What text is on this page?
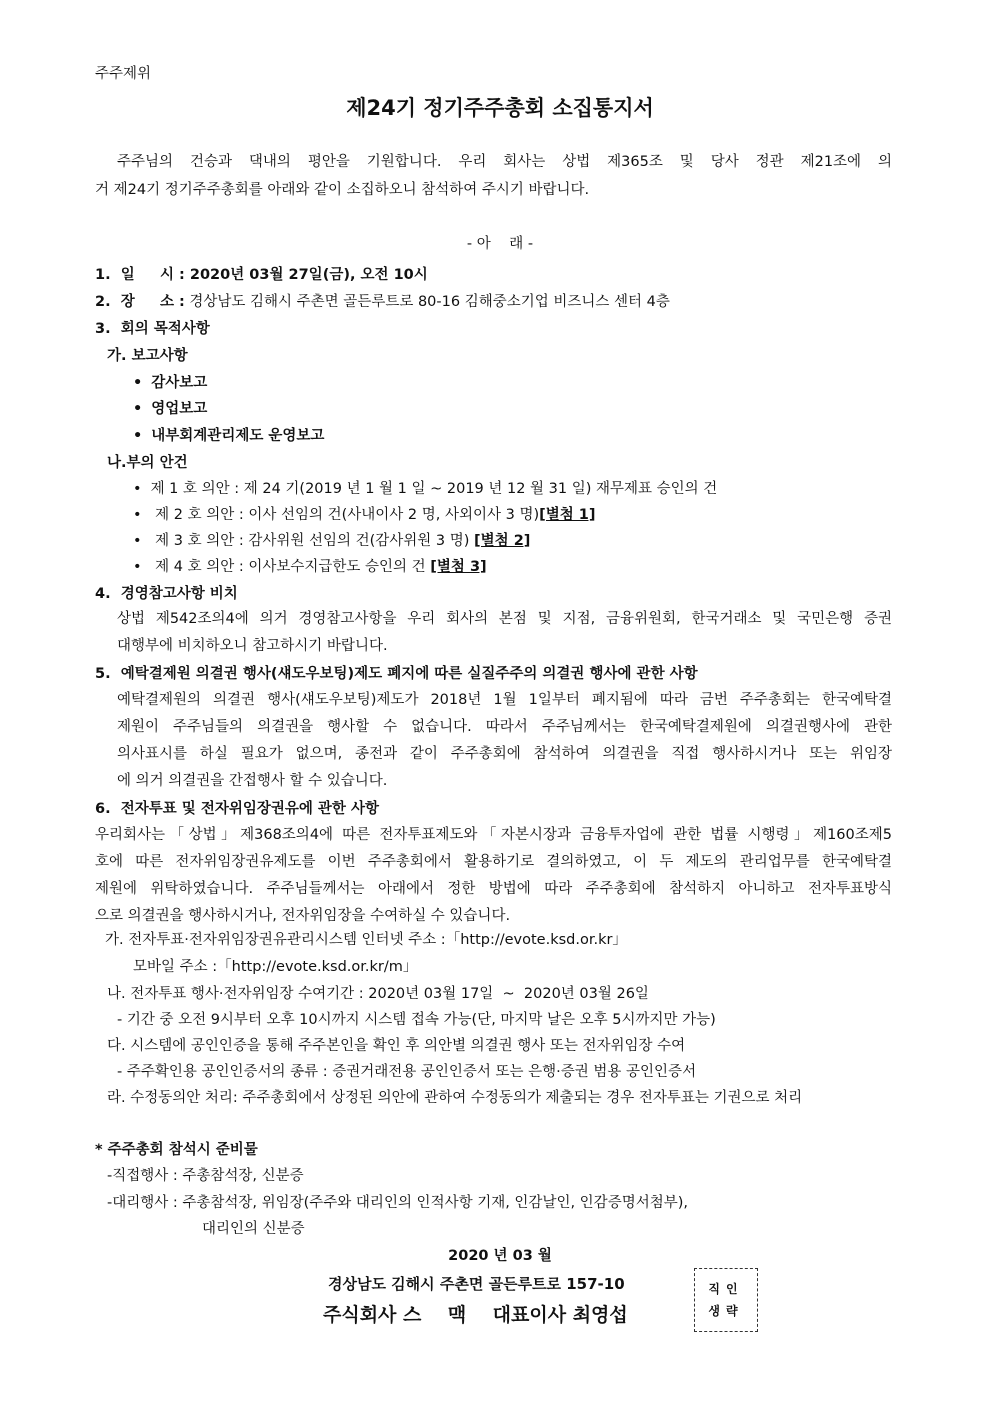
주주제위
제24기 정기주주총회 소집통지서
주주님의 건승과 댁내의 평안을 기원합니다. 우리 회사는 상법 제365조 및 당사 정관 제21조에 의
거 제24기 정기주주총회를 아래와 같이 소집하오니 참석하여 주시기 바랍니다.
- 아    래 -
1.  일     시 : 2020년 03월 27일(금), 오전 10시
2.  장     소 : 경상남도 김해시 주촌면 골든루트로 80-16 김해중소기업 비즈니스 센터 4층
3.  회의 목적사항
가. 보고사항
• 감사보고
• 영업보고
• 내부회계관리제도 운영보고
나.부의 안건
• 제 1 호 의안 : 제 24 기(2019 년 1 월 1 일 ~ 2019 년 12 월 31 일) 재무제표 승인의 건
• 제 2 호 의안 : 이사 선임의 건(사내이사 2 명, 사외이사 3 명)[별첨 1]
• 제 3 호 의안 : 감사위원 선임의 건(감사위원 3 명) [별첨 2]
• 제 4 호 의안 : 이사보수지급한도 승인의 건 [별첨 3]
4.  경영참고사항 비치
상법 제542조의4에 의거 경영참고사항을 우리 회사의 본점 및 지점, 금융위원회, 한국거래소 및 국민은행 증권
대행부에 비치하오니 참고하시기 바랍니다.
5.  예탁결제원 의결권 행사(섀도우보팅)제도 폐지에 따른 실질주주의 의결권 행사에 관한 사항
예탁결제원의 의결권 행사(섀도우보팅)제도가 2018년 1월 1일부터 폐지됨에 따라 금번 주주총회는 한국예탁결
제원이 주주님들의 의결권을 행사할 수 없습니다. 따라서 주주님께서는 한국예탁결제원에 의결권행사에 관한
의사표시를 하실 필요가 없으며, 종전과 같이 주주총회에 참석하여 의결권을 직접 행사하시거나 또는 위임장
에 의거 의결권을 간접행사 할 수 있습니다.
6.  전자투표 및 전자위임장권유에 관한 사항
우리회사는「상법」제368조의4에 따른 전자투표제도와「자본시장과 금융투자업에 관한 법률 시행령」제160조제5
호에 따른 전자위임장권유제도를 이번 주주총회에서 활용하기로 결의하였고, 이 두 제도의 관리업무를 한국예탁결
제원에 위탁하였습니다. 주주님들께서는 아래에서 정한 방법에 따라 주주총회에 참석하지 아니하고 전자투표방식
으로 의결권을 행사하시거나, 전자위임장을 수여하실 수 있습니다.
가. 전자투표·전자위임장권유관리시스템 인터넷 주소 :「http://evote.ksd.or.kr」
모바일 주소 :「http://evote.ksd.or.kr/m」
나. 전자투표 행사·전자위임장 수여기간 : 2020년 03월 17일  ~  2020년 03월 26일
- 기간 중 오전 9시부터 오후 10시까지 시스템 접속 가능(단, 마지막 날은 오후 5시까지만 가능)
다. 시스템에 공인인증을 통해 주주본인을 확인 후 의안별 의결권 행사 또는 전자위임장 수여
- 주주확인용 공인인증서의 종류 : 증권거래전용 공인인증서 또는 은행·증권 범용 공인인증서
라. 수정동의안 처리: 주주총회에서 상정된 의안에 관하여 수정동의가 제출되는 경우 전자투표는 기권으로 처리
* 주주총회 참석시 준비물
-직접행사 : 주총참석장, 신분증
-대리행사 : 주총참석장, 위임장(주주와 대리인의 인적사항 기재, 인감날인, 인감증명서첨부),
대리인의 신분증
2020 년 03 월
경상남도 김해시 주촌면 골든루트로 157-10
주식회사 스    맥    대표이사 최영섭
직인
생략
